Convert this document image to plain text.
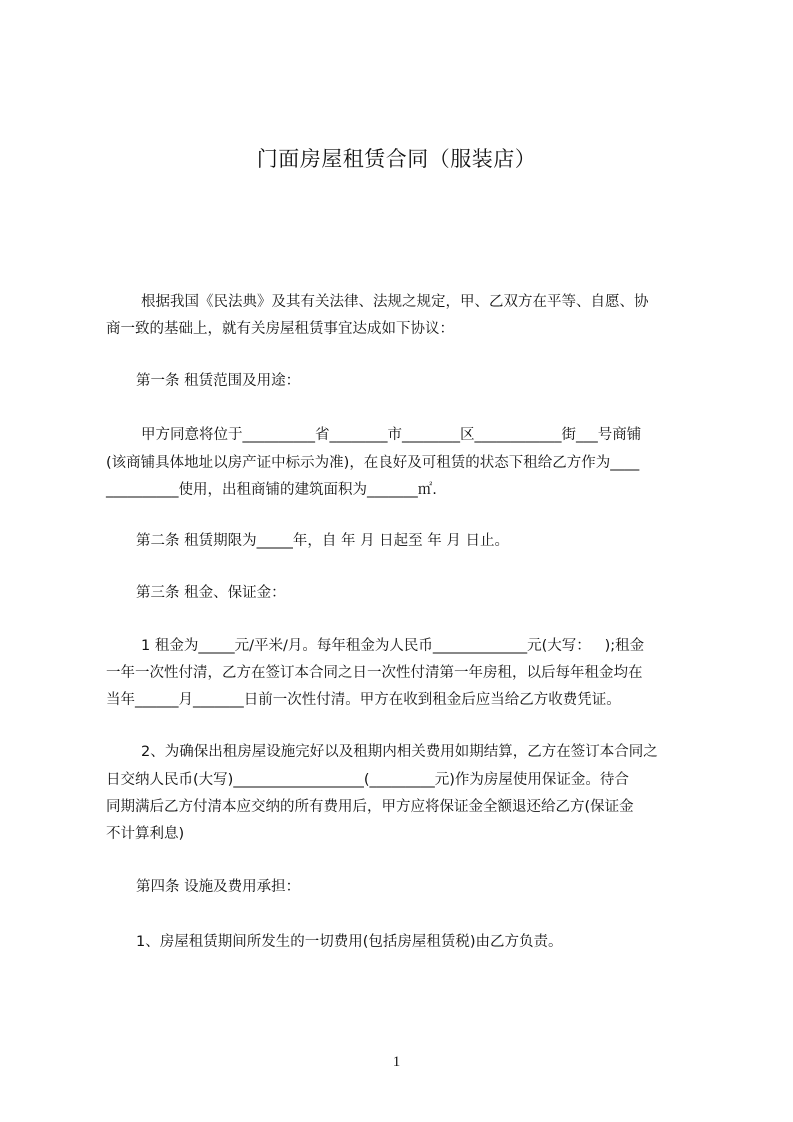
门面房屋租赁合同（服装店）
根据我国《民法典》及其有关法律、法规之规定，甲、乙双方在平等、自愿、协
商一致的基础上，就有关房屋租赁事宜达成如下协议：
第一条 租赁范围及用途：
甲方同意将位于__________省________市________区____________街___号商铺
(该商铺具体地址以房产证中标示为准)，在良好及可租赁的状态下租给乙方作为____
__________使用，出租商铺的建筑面积为_______㎡.
第二条 租赁期限为_____年，自 年 月 日起至 年 月 日止。
第三条 租金、保证金：
1 租金为_____元/平米/月。每年租金为人民币_____________元(大写：   );租金
一年一次性付清，乙方在签订本合同之日一次性付清第一年房租，以后每年租金均在
当年______月_______日前一次性付清。甲方在收到租金后应当给乙方收费凭证。
2、为确保出租房屋设施完好以及租期内相关费用如期结算，乙方在签订本合同之
日交纳人民币(大写)__________________(_________元)作为房屋使用保证金。待合
同期满后乙方付清本应交纳的所有费用后，甲方应将保证金全额退还给乙方(保证金
不计算利息)
第四条 设施及费用承担：
1、房屋租赁期间所发生的一切费用(包括房屋租赁税)由乙方负责。
1
